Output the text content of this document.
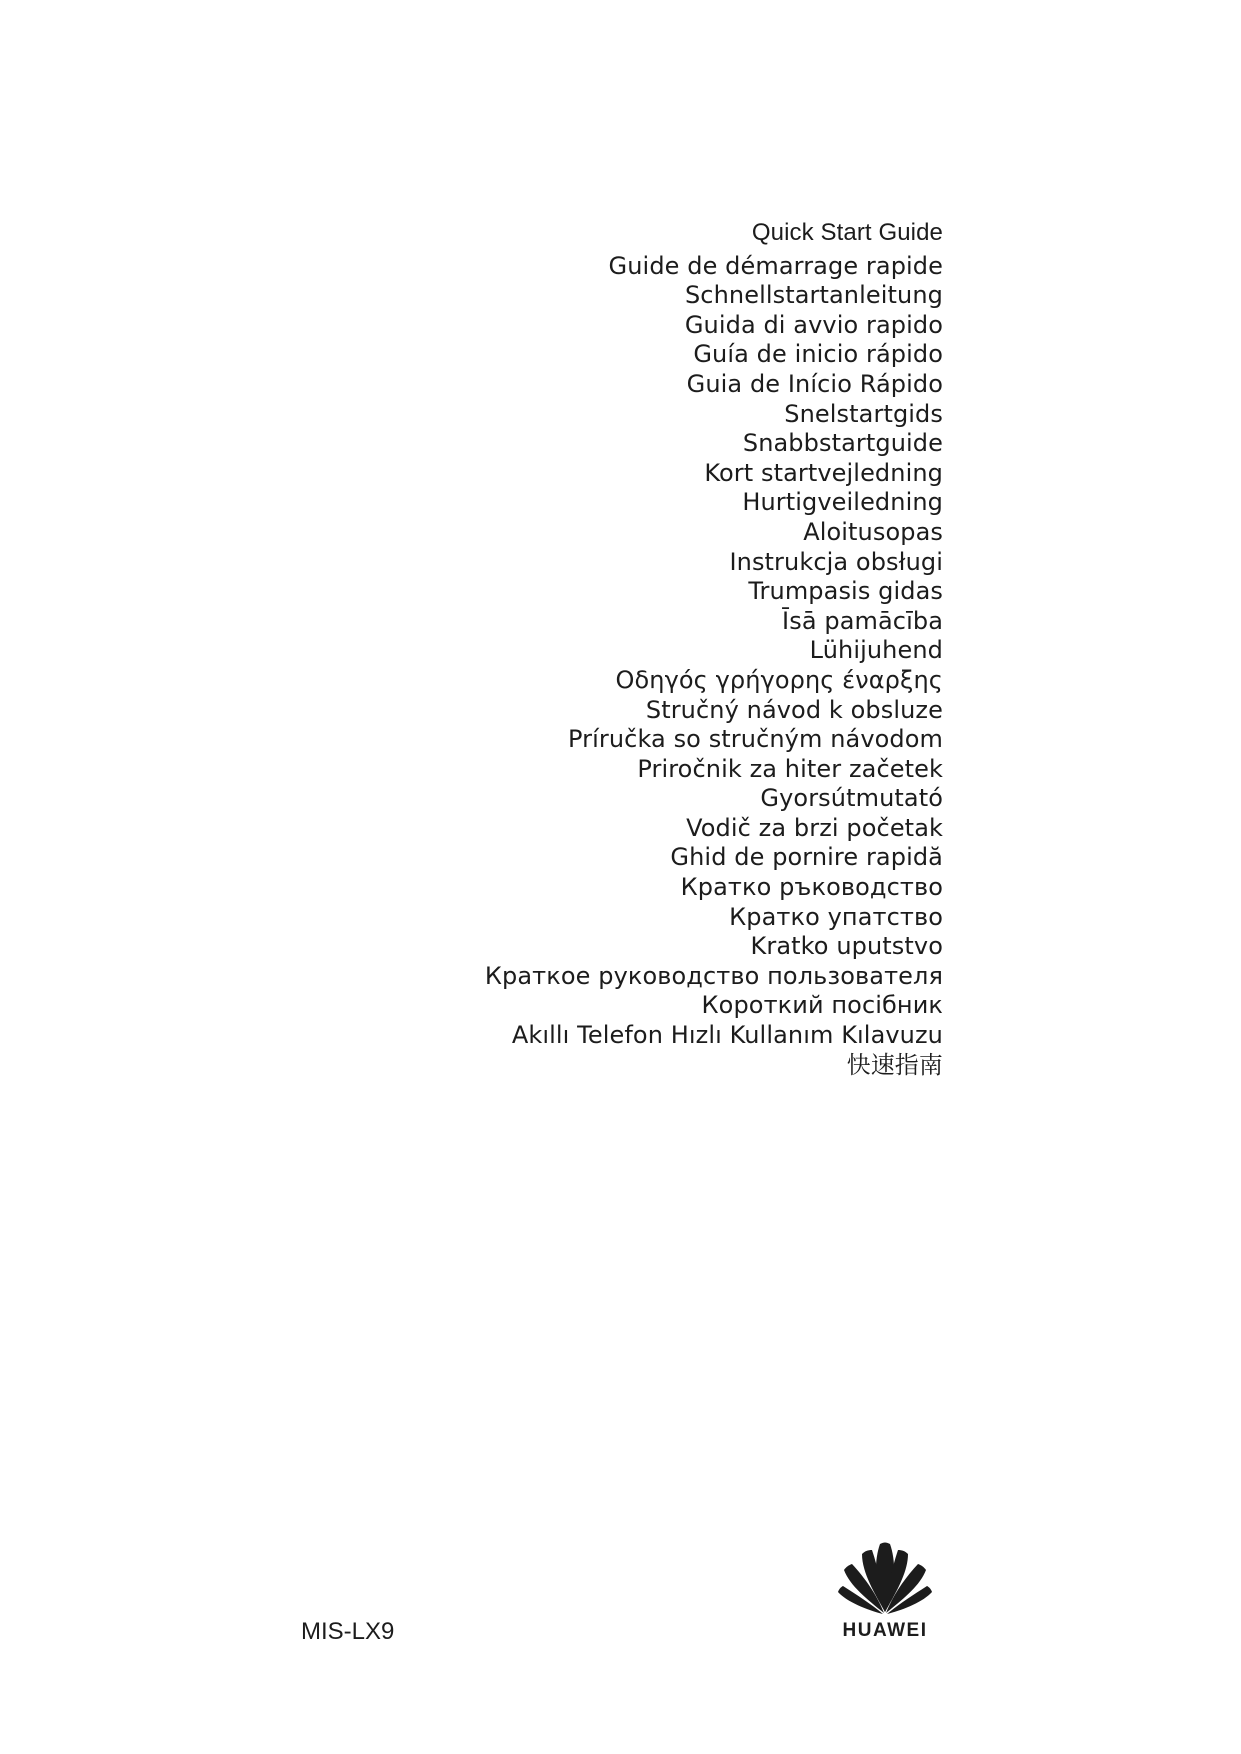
Quick Start Guide
Guide de démarrage rapide
Schnellstartanleitung
Guida di avvio rapido
Guía de inicio rápido
Guia de Início Rápido
Snelstartgids
Snabbstartguide
Kort startvejledning
Hurtigveiledning
Aloitusopas
Instrukcja obsługi
Trumpasis gidas
Īsā pamācība
Lühijuhend
Οδηγός γρήγορης έναρξης
Stručný návod k obsluze
Príručka so stručným návodom
Priročnik za hiter začetek
Gyorsútmutató
Vodič za brzi početak
Ghid de pornire rapidă
Кратко ръководство
Кратко упатство
Kratko uputstvo
Краткое руководство пользователя
Короткий посібник
Akıllı Telefon Hızlı Kullanım Kılavuzu
快速指南
MIS-LX9	HUAWEI
